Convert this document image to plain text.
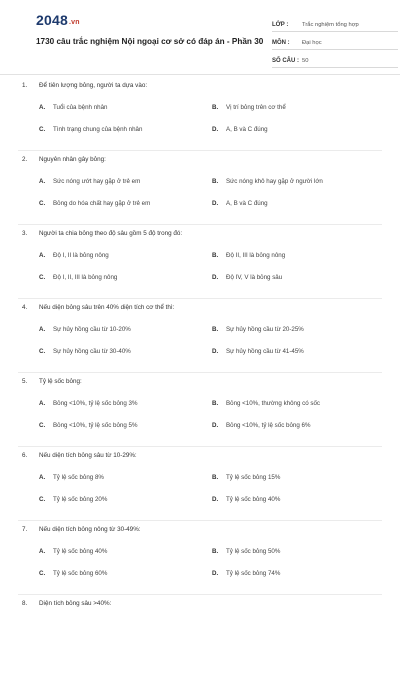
2048.vn
1730 câu trắc nghiệm Nội ngoại cơ sở có đáp án - Phần 30
LỚP :	Trắc nghiệm tổng hợp
MÔN :	Đại học
SỐ CÂU : 50
1.	Để tiên lượng bỏng, người ta dựa vào:
A.	Tuổi của bệnh nhân	B.	Vị trí bỏng trên cơ thể
C.	Tình trạng chung của bệnh nhân	D.	A, B và C đúng
2.	Nguyên nhân gây bỏng:
A.	Sức nóng ướt hay gặp ở trẻ em	B.	Sức nóng khô hay gặp ở người lớn
C.	Bỏng do hóa chất hay gặp ở trẻ em	D.	A, B và C đúng
3.	Người ta chia bỏng theo độ sâu gồm 5 độ trong đó:
A.	Độ I, II là bỏng nông	B.	Độ II, III là bỏng nông
C.	Độ I, II, III là bỏng nông	D.	Độ IV, V là bỏng sâu
4.	Nếu diện bỏng sâu trên 40% diện tích cơ thể thì:
A.	Sự hủy hồng cầu từ 10-20%	B.	Sự hủy hồng cầu từ 20-25%
C.	Sự hủy hồng cầu từ 30-40%	D.	Sự hủy hồng cầu từ 41-45%
5.	Tỷ lệ sốc bỏng:
A.	Bỏng <10%, tỷ lệ sốc bỏng 3%	B.	Bỏng <10%, thường không có sốc
C.	Bỏng <10%, tỷ lệ sốc bỏng 5%	D.	Bỏng <10%, tỷ lệ sốc bỏng 6%
6.	Nếu diện tích bỏng sâu từ 10-29%:
A.	Tỷ lệ sốc bỏng 8%	B.	Tỷ lệ sốc bỏng 15%
C.	Tỷ lệ sốc bỏng 20%	D.	Tỷ lệ sốc bỏng 40%
7.	Nếu diện tích bỏng nông từ 30-49%:
A.	Tỷ lệ sốc bỏng 40%	B.	Tỷ lệ sốc bỏng 50%
C.	Tỷ lệ sốc bỏng 60%	D.	Tỷ lệ sốc bỏng 74%
8.	Diện tích bỏng sâu >40%:
